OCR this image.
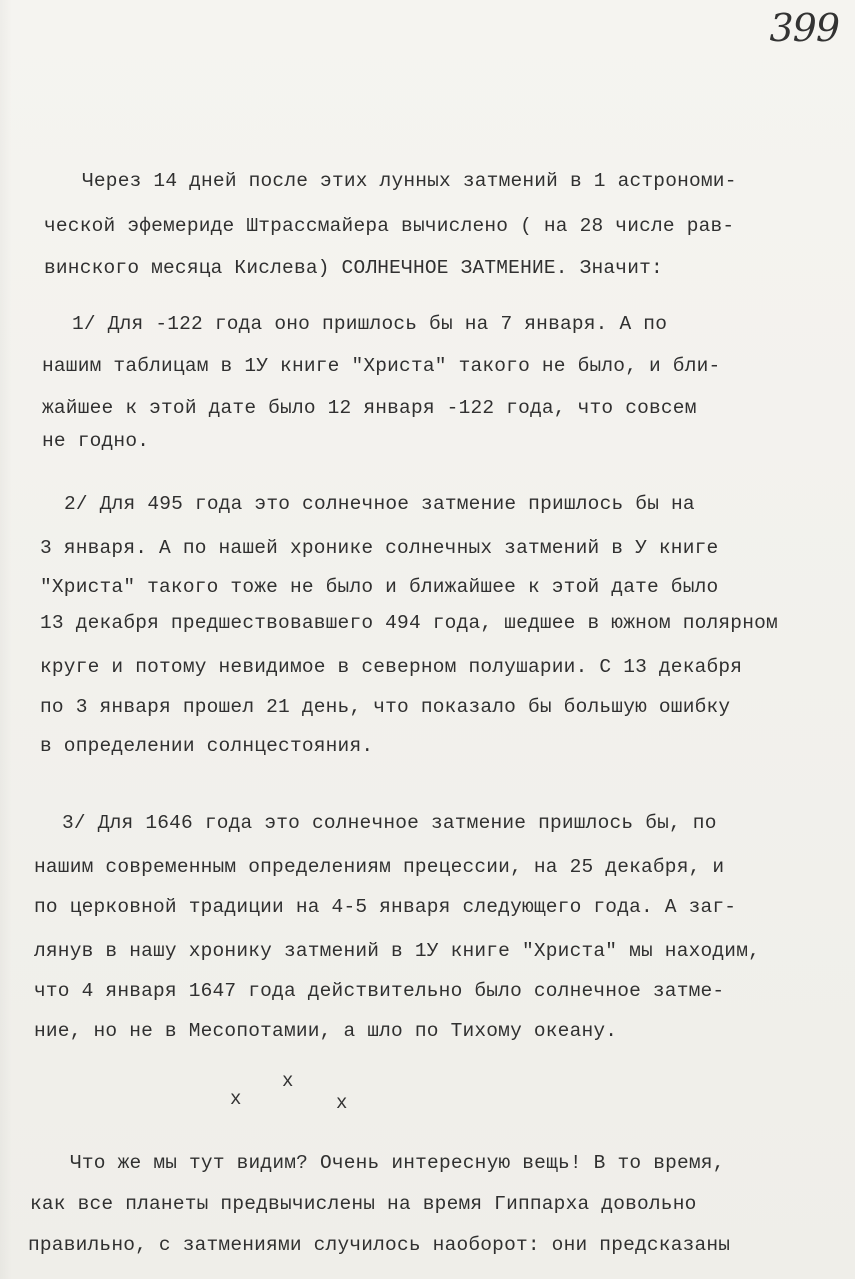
399
Через 14 дней после этих лунных затмений в 1 астрономи-
ческой эфемериде Штрассмайера вычислено ( на 28 числе рав-
винского месяца Кислева) СОЛНЕЧНОЕ ЗАТМЕНИЕ. Значит:
1/ Для -122 года оно пришлось бы на 7 января. А по
нашим таблицам в 1У книге "Христа" такого не было, и бли-
жайшее к этой дате было 12 января -122 года, что совсем
не годно.
2/ Для 495 года это солнечное затмение пришлось бы на
3 января. А по нашей хронике солнечных затмений в У книге
"Христа" такого тоже не было и ближайшее к этой дате было
13 декабря предшествовавшего 494 года, шедшее в южном полярном
круге и потому невидимое в северном полушарии. С 13 декабря
по 3 января прошел 21 день, что показало бы большую ошибку
в определении солнцестояния.
3/ Для 1646 года это солнечное затмение пришлось бы, по
нашим современным определениям прецессии, на 25 декабря, и
по церковной традиции на 4-5 января следующего года. А заг-
лянув в нашу хронику затмений в 1У книге "Христа" мы находим,
что 4 января 1647 года действительно было солнечное затме-
ние, но не в Месопотамии, а шло по Тихому океану.
x
x	x
Что же мы тут видим? Очень интересную вещь! В то время,
как все планеты предвычислены на время Гиппарха довольно
правильно, с затмениями случилось наоборот: они предсказаны
